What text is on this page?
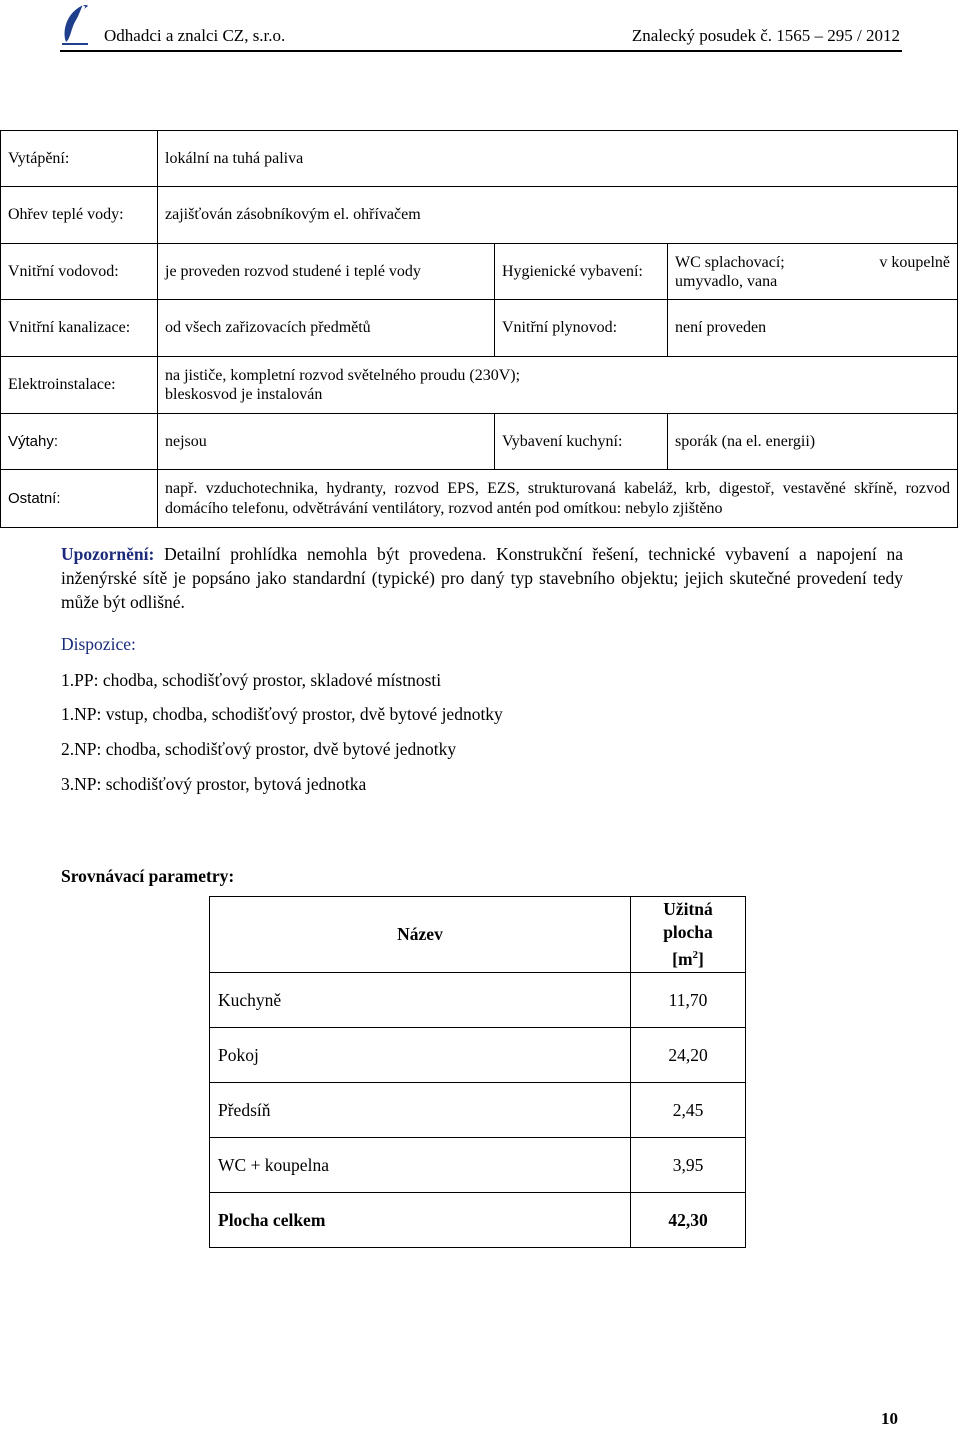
Odhadci a znalci CZ, s.r.o.	Znalecký posudek č. 1565 – 295 / 2012
Vytápění:	lokální na tuhá paliva		
Ohřev teplé vody:	zajišťován zásobníkovým el. ohřívačem		
Vnitřní vodovod:	je proveden rozvod studené i teplé vody	Hygienické vybavení:	WC splachovací; v koupelně
umyvadlo, vana

Vnitřní kanalizace:	od všech zařizovacích předmětů	Vnitřní plynovod:	není proveden
Elektroinstalace:	na jističe, kompletní rozvod světelného proudu (230V);
bleskosvod je instalován		

Výtahy:	nejsou	Vybavení kuchyní:	sporák (na el. energii)
Ostatní:	např. vzduchotechnika, hydranty, rozvod EPS, EZS, strukturovaná kabeláž, krb, digestoř, vestavěné skříně, rozvod domácího telefonu, odvětrávání ventilátory, rozvod antén pod omítkou: nebylo zjištěno		
Upozornění: Detailní prohlídka nemohla být provedena. Konstrukční řešení, technické vybavení a napojení na inženýrské sítě je popsáno jako standardní (typické) pro daný typ stavebního objektu; jejich skutečné provedení tedy může být odlišné.
Dispozice:
1.PP: chodba, schodišťový prostor, skladové místnosti
1.NP: vstup, chodba, schodišťový prostor, dvě bytové jednotky
2.NP: chodba, schodišťový prostor, dvě bytové jednotky
3.NP: schodišťový prostor, bytová jednotka
Srovnávací parametry:
Název	Užitná
plocha
$[m^2]$

Kuchyně	11,70
Pokoj	24,20
Předsíň	2,45
WC + koupelna	3,95
Plocha celkem	42,30
10
